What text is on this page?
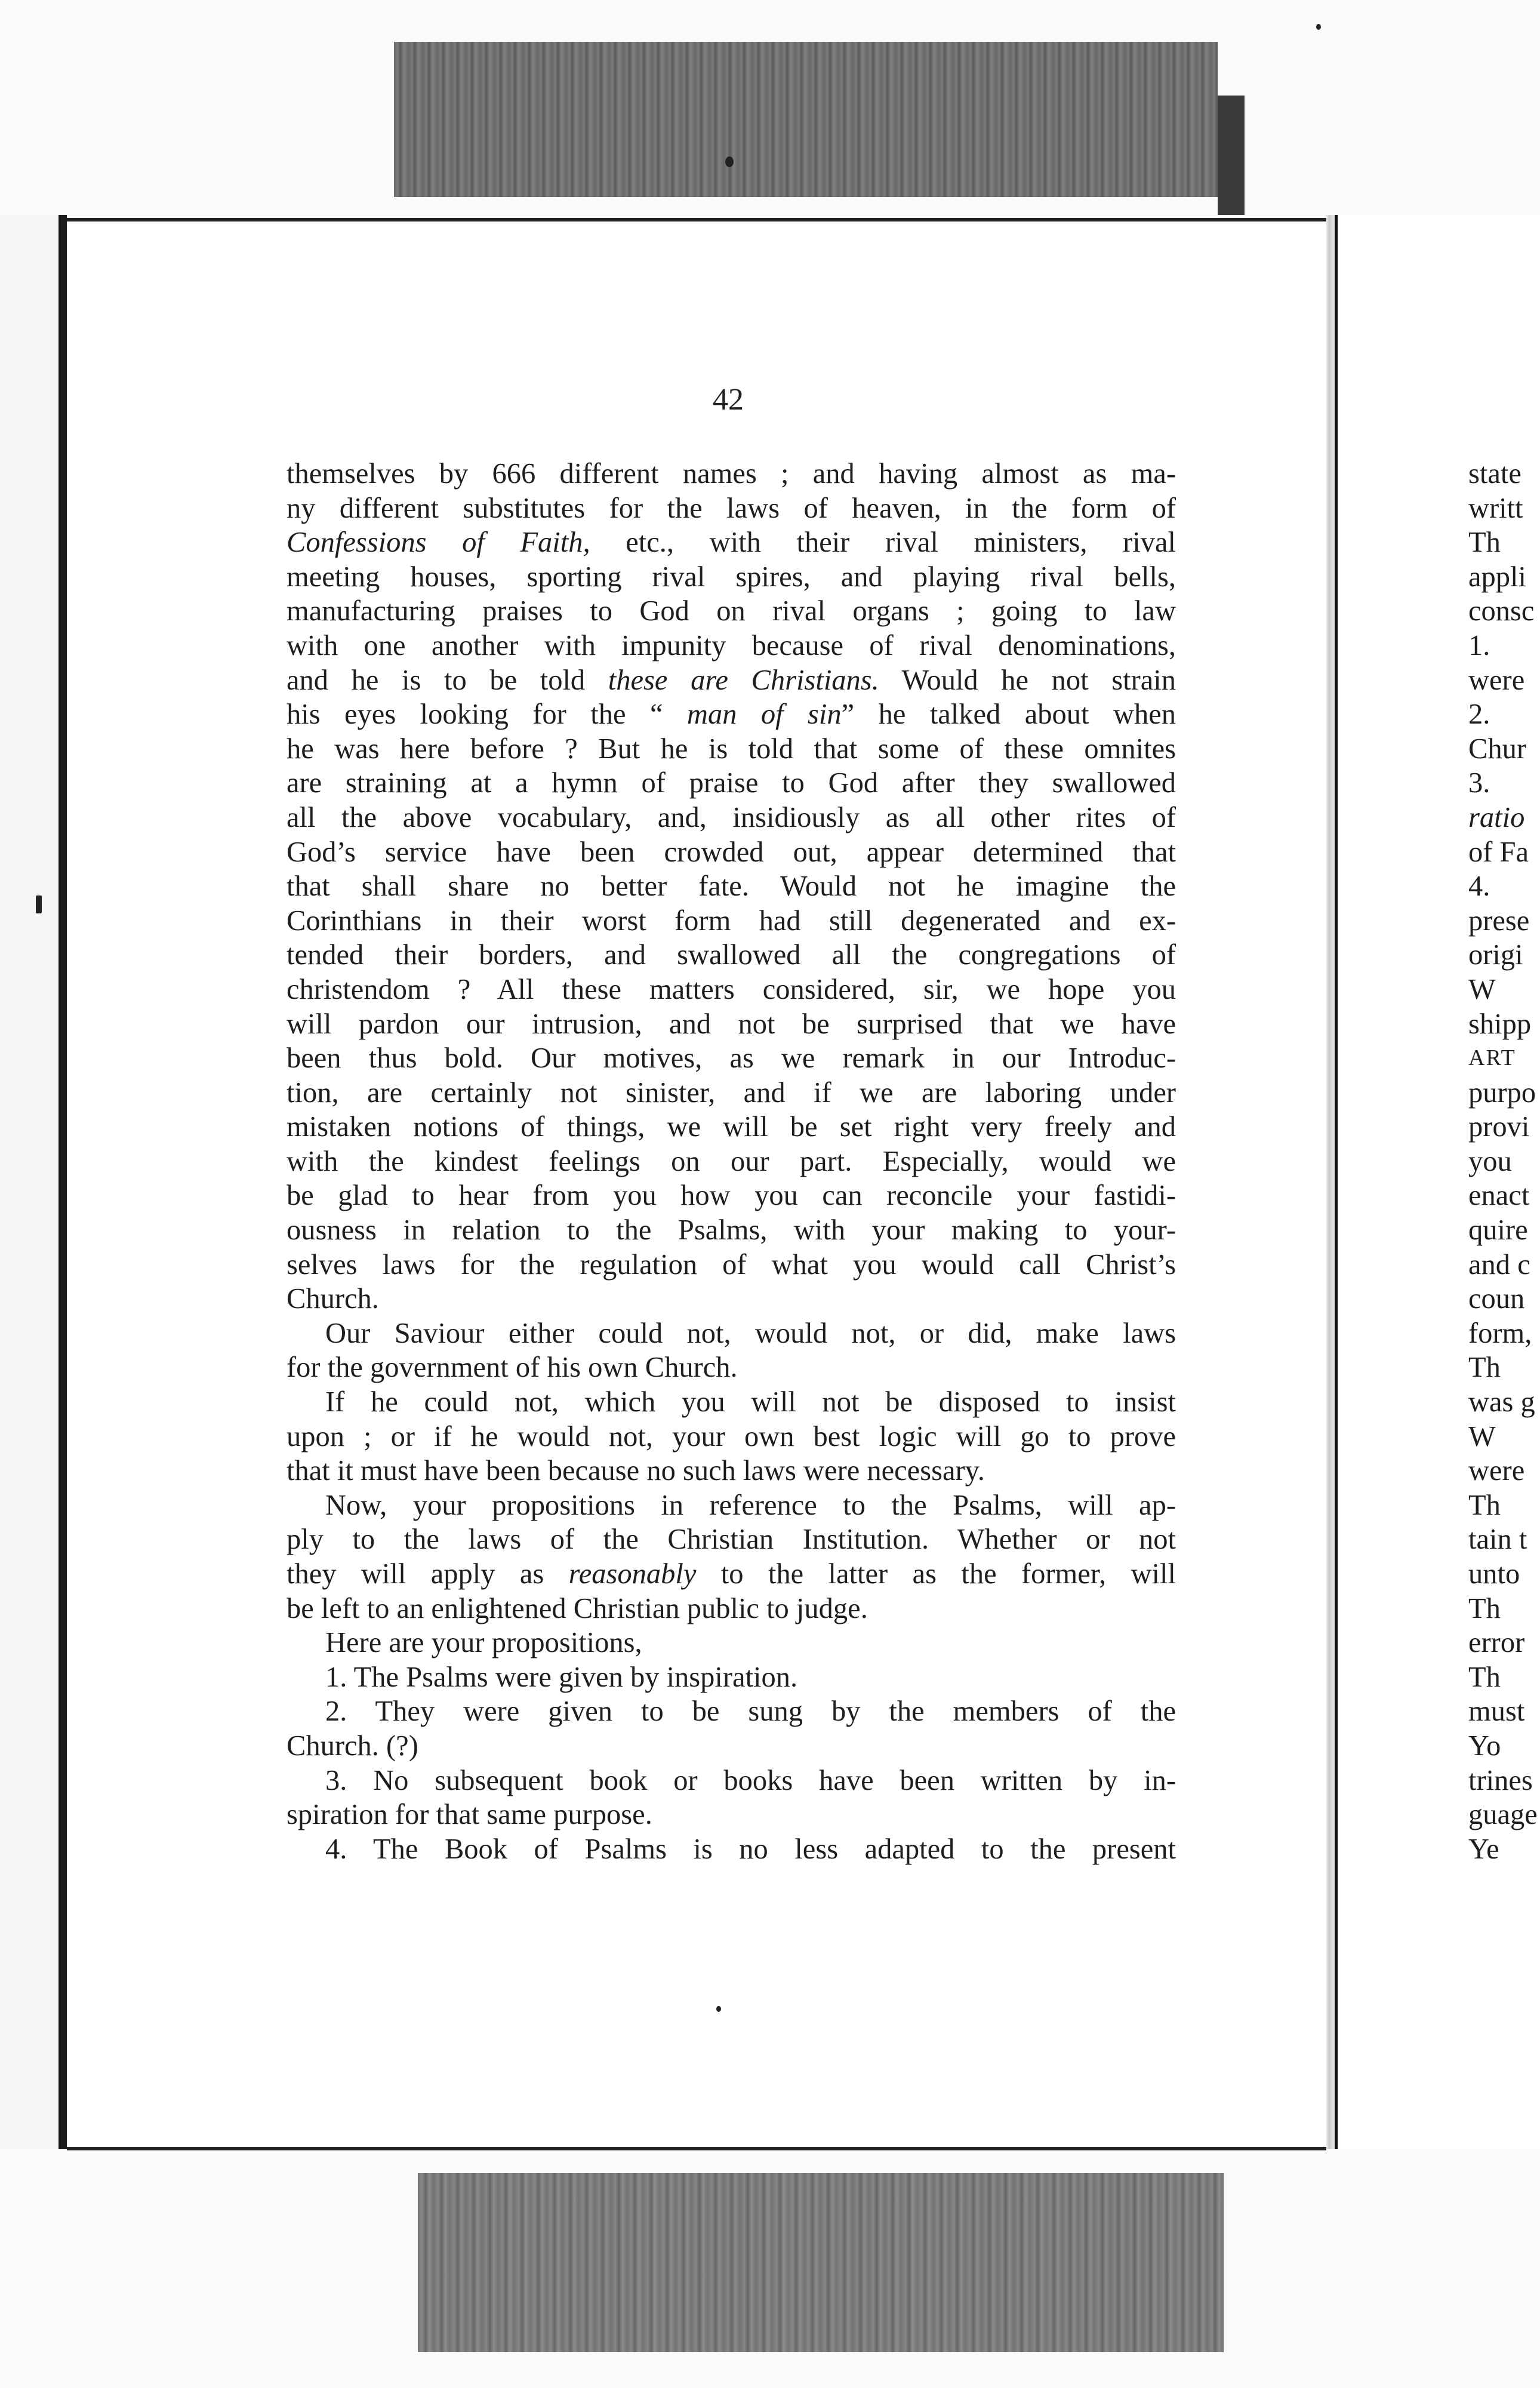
42
themselves by 666 different names ; and having almost as ma-
ny different substitutes for the laws of heaven, in the form of
Confessions of Faith, etc., with their rival ministers, rival
meeting houses, sporting rival spires, and playing rival bells,
manufacturing praises to God on rival organs ; going to law
with one another with impunity because of rival denominations,
and he is to be told these are Christians. Would he not strain
his eyes looking for the “ man of sin” he talked about when
he was here before ? But he is told that some of these omnites
are straining at a hymn of praise to God after they swallowed
all the above vocabulary, and, insidiously as all other rites of
God’s service have been crowded out, appear determined that
that shall share no better fate. Would not he imagine the
Corinthians in their worst form had still degenerated and ex-
tended their borders, and swallowed all the congregations of
christendom ? All these matters considered, sir, we hope you
will pardon our intrusion, and not be surprised that we have
been thus bold. Our motives, as we remark in our Introduc-
tion, are certainly not sinister, and if we are laboring under
mistaken notions of things, we will be set right very freely and
with the kindest feelings on our part. Especially, would we
be glad to hear from you how you can reconcile your fastidi-
ousness in relation to the Psalms, with your making to your-
selves laws for the regulation of what you would call Christ’s
Church.
Our Saviour either could not, would not, or did, make laws
for the government of his own Church.
If he could not, which you will not be disposed to insist
upon ; or if he would not, your own best logic will go to prove
that it must have been because no such laws were necessary.
Now, your propositions in reference to the Psalms, will ap-
ply to the laws of the Christian Institution. Whether or not
they will apply as reasonably to the latter as the former, will
be left to an enlightened Christian public to judge.
Here are your propositions,
1. The Psalms were given by inspiration.
2. They were given to be sung by the members of the
Church. (?)
3. No subsequent book or books have been written by in-
spiration for that same purpose.
4. The Book of Psalms is no less adapted to the present
state
writt
Th
appli
consc
1.
were
2.
Chur
3.
ratio
of Fa
4.
prese
origi
W
shipp
ART
purpo
provi
you
enact
quire
and c
coun
form,
Th
was g
W
were
Th
tain t
unto
Th
error
Th
must
Yo
trines
guage
Ye
